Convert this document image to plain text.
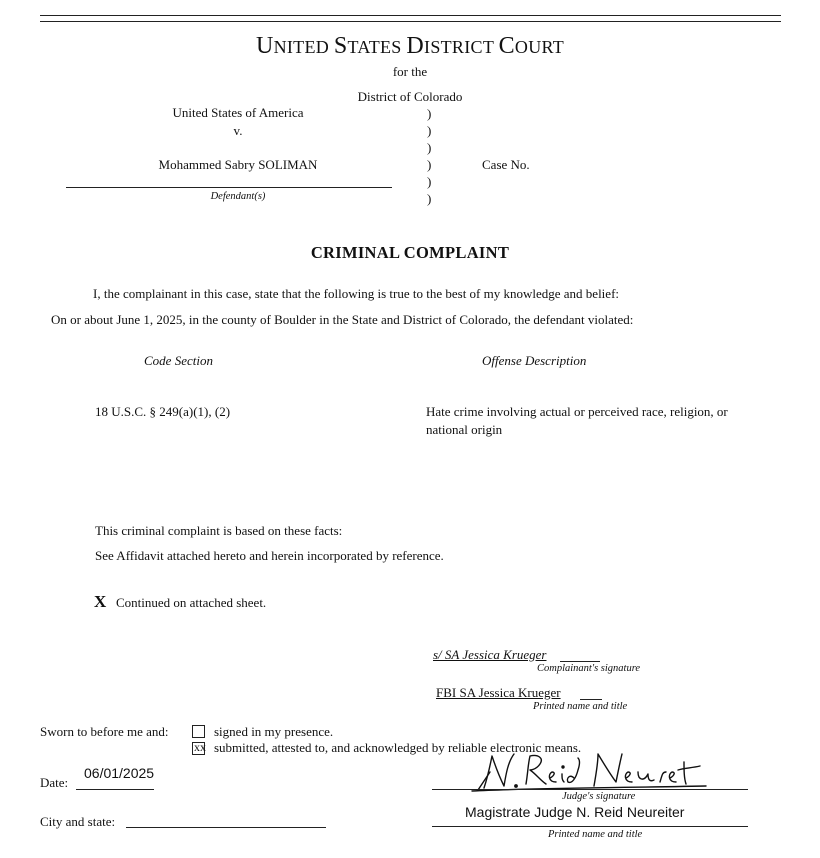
UNITED STATES DISTRICT COURT
for the
District of Colorado
United States of America
v.
Mohammed Sabry SOLIMAN
Defendant(s)
)
)
)
)
)
)
Case No.
CRIMINAL COMPLAINT
I, the complainant in this case, state that the following is true to the best of my knowledge and belief:
On or about June 1, 2025, in the county of Boulder in the State and District of Colorado, the defendant violated:
Code Section	Offense Description
18 U.S.C. § 249(a)(1), (2)	Hate crime involving actual or perceived race, religion, or
national origin
This criminal complaint is based on these facts:
See Affidavit attached hereto and herein incorporated by reference.
X Continued on attached sheet.
s/ SA Jessica Krueger
Complainant's signature
FBI SA Jessica Krueger
Printed name and title
Sworn to before me and:	signed in my presence.
xx submitted, attested to, and acknowledged by reliable electronic means.
Date:
06/01/2025
Judge's signature
Magistrate Judge N. Reid Neureiter
Printed name and title
City and state:
